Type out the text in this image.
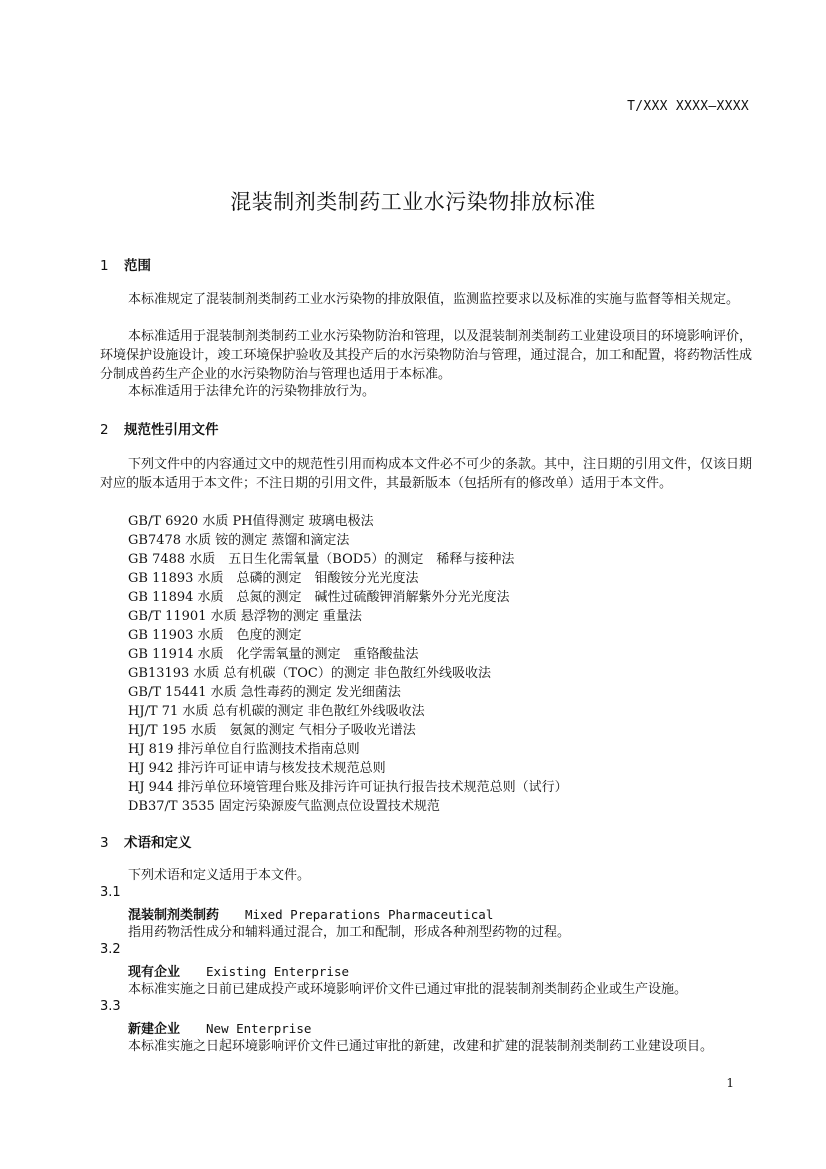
T/XXX XXXX—XXXX
混装制剂类制药工业水污染物排放标准
1 范围
本标准规定了混装制剂类制药工业水污染物的排放限值，监测监控要求以及标准的实施与监督等相关规定。
本标准适用于混装制剂类制药工业水污染物防治和管理，以及混装制剂类制药工业建设项目的环境影响评价，环境保护设施设计，竣工环境保护验收及其投产后的水污染物防治与管理，通过混合，加工和配置，将药物活性成分制成兽药生产企业的水污染物防治与管理也适用于本标准。
本标准适用于法律允许的污染物排放行为。
2 规范性引用文件
下列文件中的内容通过文中的规范性引用而构成本文件必不可少的条款。其中，注日期的引用文件，仅该日期对应的版本适用于本文件；不注日期的引用文件，其最新版本（包括所有的修改单）适用于本文件。
GB/T 6920 水质 PH值得测定 玻璃电极法
GB7478 水质 铵的测定 蒸馏和滴定法
GB 7488 水质　五日生化需氧量（BOD5）的测定　稀释与接种法
GB 11893 水质　总磷的测定　钼酸铵分光光度法
GB 11894 水质　总氮的测定　碱性过硫酸钾消解紫外分光光度法
GB/T 11901 水质 悬浮物的测定 重量法
GB 11903 水质　色度的测定
GB 11914 水质　化学需氧量的测定　重铬酸盐法
GB13193 水质 总有机碳（TOC）的测定 非色散红外线吸收法
GB/T 15441 水质 急性毒药的测定 发光细菌法
HJ/T 71 水质 总有机碳的测定 非色散红外线吸收法
HJ/T 195 水质　氨氮的测定 气相分子吸收光谱法
HJ 819 排污单位自行监测技术指南总则
HJ 942 排污许可证申请与核发技术规范总则
HJ 944 排污单位环境管理台账及排污许可证执行报告技术规范总则（试行）
DB37/T 3535 固定污染源废气监测点位设置技术规范
3 术语和定义
下列术语和定义适用于本文件。
3.1
混装制剂类制药 Mixed Preparations Pharmaceutical
指用药物活性成分和辅料通过混合，加工和配制，形成各种剂型药物的过程。
3.2
现有企业 Existing Enterprise
本标准实施之日前已建成投产或环境影响评价文件已通过审批的混装制剂类制药企业或生产设施。
3.3
新建企业 New Enterprise
本标准实施之日起环境影响评价文件已通过审批的新建，改建和扩建的混装制剂类制药工业建设项目。
1
